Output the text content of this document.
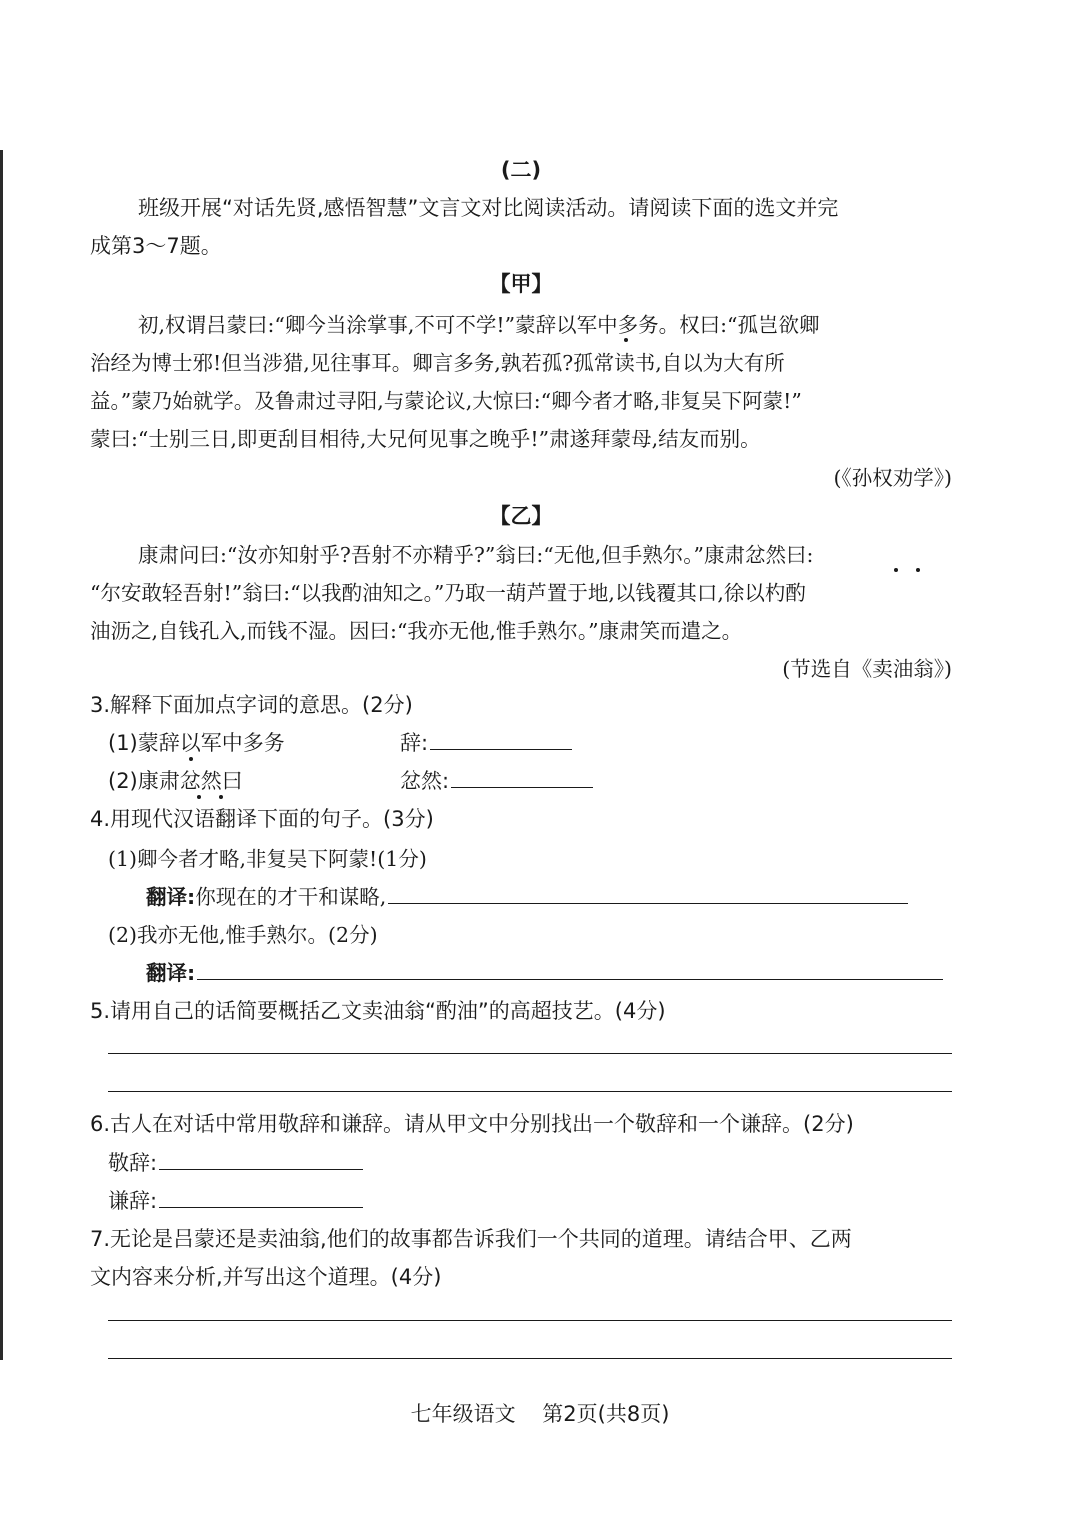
(二)
班级开展“对话先贤,感悟智慧”文言文对比阅读活动。请阅读下面的选文并完
成第3～7题。
【甲】
初,权谓吕蒙曰:“卿今当涂掌事,不可不学!”蒙辞以军中多务。权曰:“孤岂欲卿
治经为博士邪!但当涉猎,见往事耳。卿言多务,孰若孤?孤常读书,自以为大有所
益。”蒙乃始就学。及鲁肃过寻阳,与蒙论议,大惊曰:“卿今者才略,非复吴下阿蒙!”
蒙曰:“士别三日,即更刮目相待,大兄何见事之晚乎!”肃遂拜蒙母,结友而别。
(《孙权劝学》)
【乙】
康肃问曰:“汝亦知射乎?吾射不亦精乎?”翁曰:“无他,但手熟尔。”康肃忿然曰:
“尔安敢轻吾射!”翁曰:“以我酌油知之。”乃取一葫芦置于地,以钱覆其口,徐以杓酌
油沥之,自钱孔入,而钱不湿。因曰:“我亦无他,惟手熟尔。”康肃笑而遣之。
(节选自《卖油翁》)
3.解释下面加点字词的意思。(2分)
(1)蒙辞以军中多务	辞:
(2)康肃忿然曰	忿然:
4.用现代汉语翻译下面的句子。(3分)
(1)卿今者才略,非复吴下阿蒙!(1分)
翻译:你现在的才干和谋略,
(2)我亦无他,惟手熟尔。(2分)
翻译:
5.请用自己的话简要概括乙文卖油翁“酌油”的高超技艺。(4分)
6.古人在对话中常用敬辞和谦辞。请从甲文中分别找出一个敬辞和一个谦辞。(2分)
敬辞:
谦辞:
7.无论是吕蒙还是卖油翁,他们的故事都告诉我们一个共同的道理。请结合甲、乙两
文内容来分析,并写出这个道理。(4分)
七年级语文    第2页(共8页)
